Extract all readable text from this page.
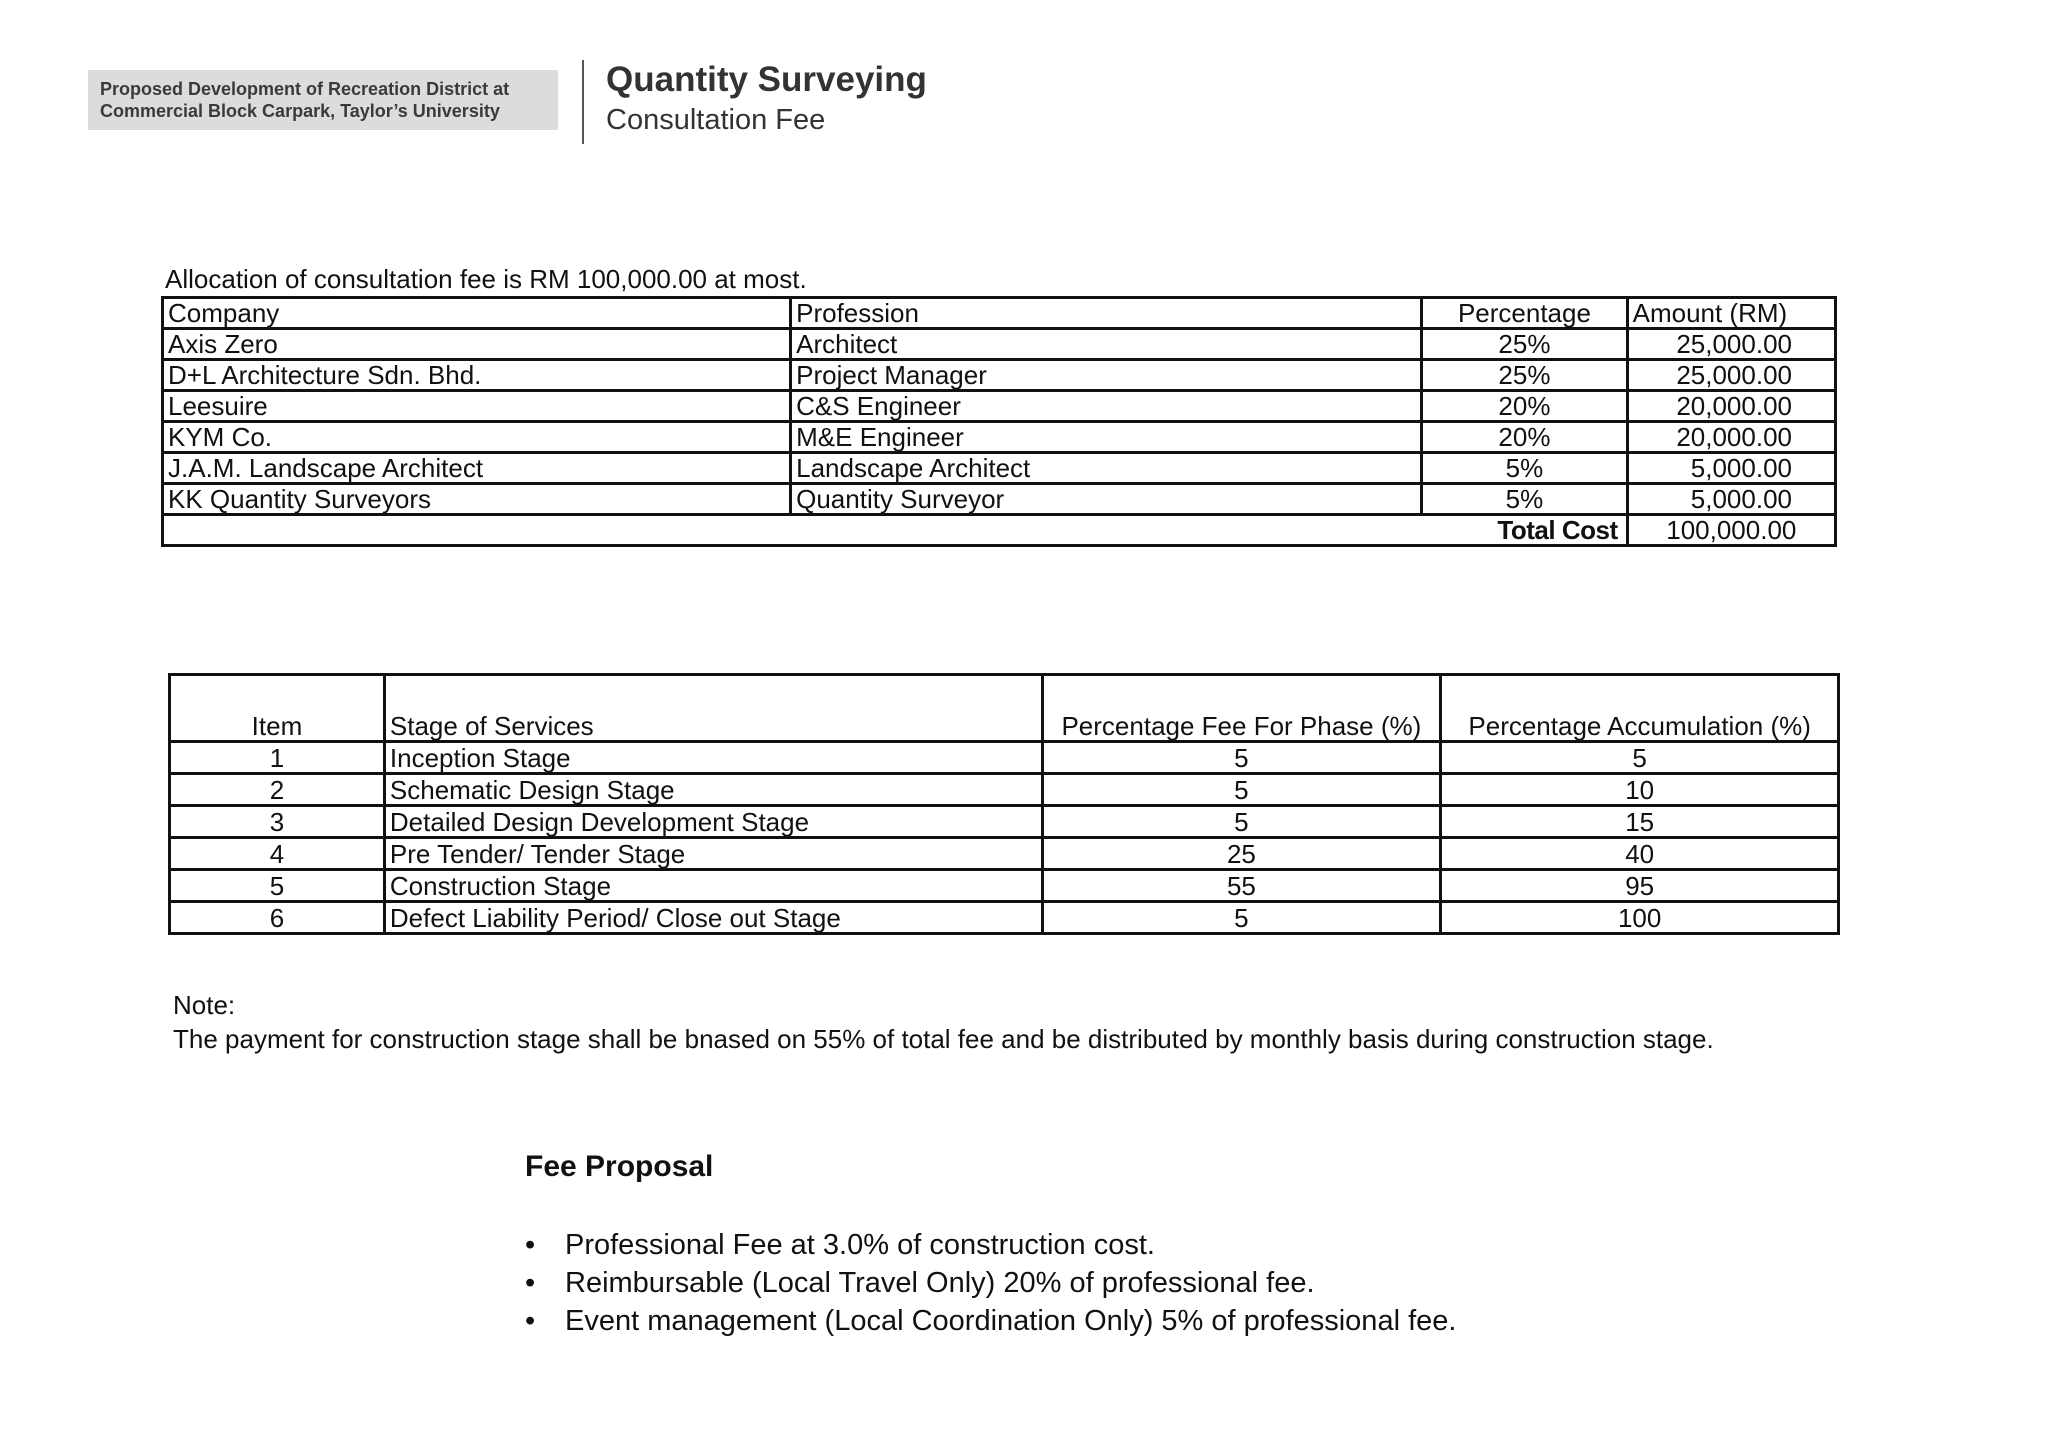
Proposed Development of Recreation District at
Commercial Block Carpark, Taylor’s University
Quantity Surveying
Consultation Fee
Allocation of consultation fee is RM 100,000.00 at most.
Company	Profession	Percentage	Amount (RM)
Axis Zero	Architect	25%	25,000.00
D+L Architecture Sdn. Bhd.	Project Manager	25%	25,000.00
Leesuire	C&S Engineer	20%	20,000.00
KYM Co.	M&E Engineer	20%	20,000.00
J.A.M. Landscape Architect	Landscape Architect	5%	5,000.00
KK Quantity Surveyors	Quantity Surveyor	5%	5,000.00
Total Cost			100,000.00
Item	Stage of Services	Percentage Fee For Phase (%)	Percentage Accumulation (%)
1	Inception Stage	5	5
2	Schematic Design Stage	5	10
3	Detailed Design Development Stage	5	15
4	Pre Tender/ Tender Stage	25	40
5	Construction Stage	55	95
6	Defect Liability Period/ Close out Stage	5	100
Note:
The payment for construction stage shall be bnased on 55% of total fee and be distributed by monthly basis during construction stage.
Fee Proposal
• Professional Fee at 3.0% of construction cost.
• Reimbursable (Local Travel Only) 20% of professional fee.
• Event management (Local Coordination Only) 5% of professional fee.
